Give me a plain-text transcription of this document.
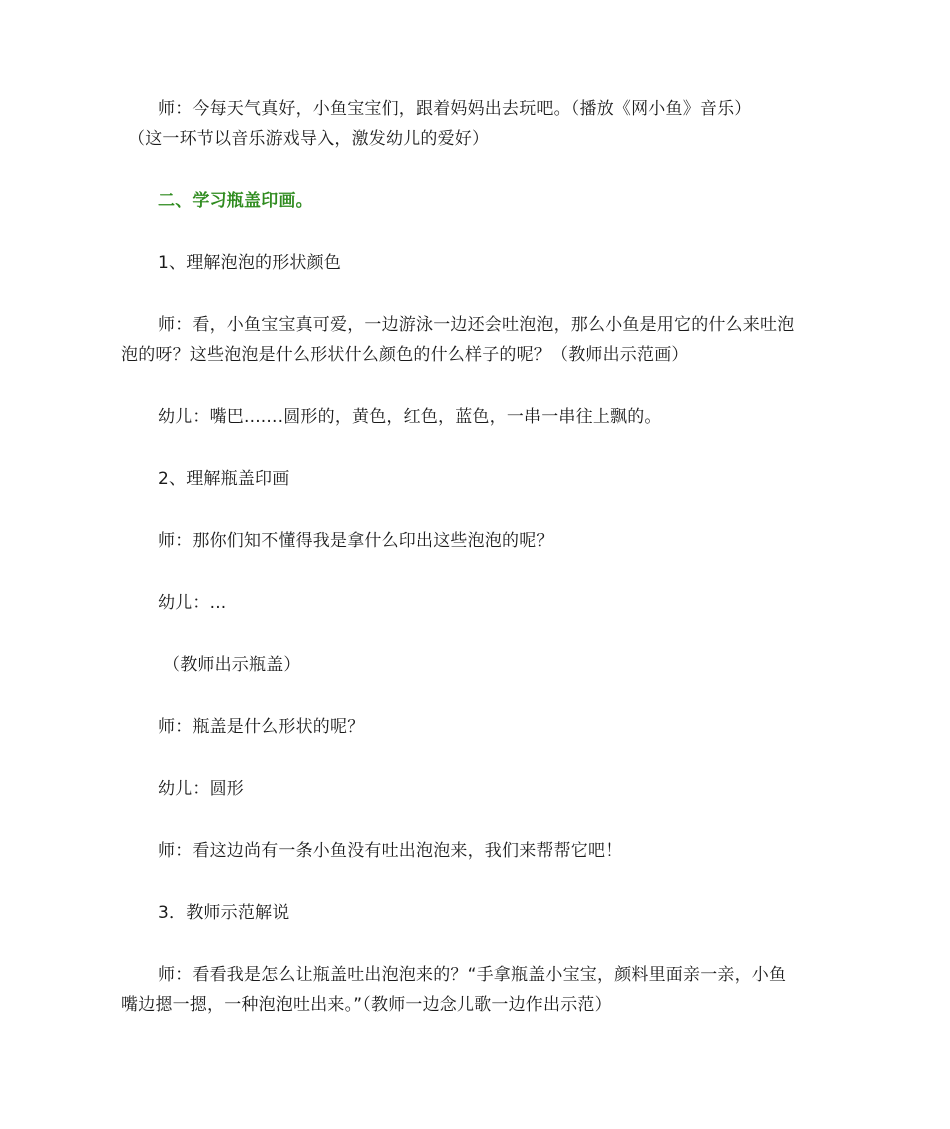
师：今每天气真好，小鱼宝宝们，跟着妈妈出去玩吧。（播放《网小鱼》音乐）
（这一环节以音乐游戏导入，激发幼儿的爱好）
二、学习瓶盖印画。
1、理解泡泡的形状颜色
师：看，小鱼宝宝真可爱，一边游泳一边还会吐泡泡，那么小鱼是用它的什么来吐泡
泡的呀？这些泡泡是什么形状什么颜色的什么样子的呢？（教师出示范画）
幼儿：嘴巴.......圆形的，黄色，红色，蓝色，一串一串往上飘的。
2、理解瓶盖印画
师：那你们知不懂得我是拿什么印出这些泡泡的呢？
幼儿：...
（教师出示瓶盖）
师：瓶盖是什么形状的呢？
幼儿：圆形
师：看这边尚有一条小鱼没有吐出泡泡来，我们来帮帮它吧！
3．教师示范解说
师：看看我是怎么让瓶盖吐出泡泡来的？“手拿瓶盖小宝宝，颜料里面亲一亲，小鱼
嘴边摁一摁，一种泡泡吐出来。”（教师一边念儿歌一边作出示范）
